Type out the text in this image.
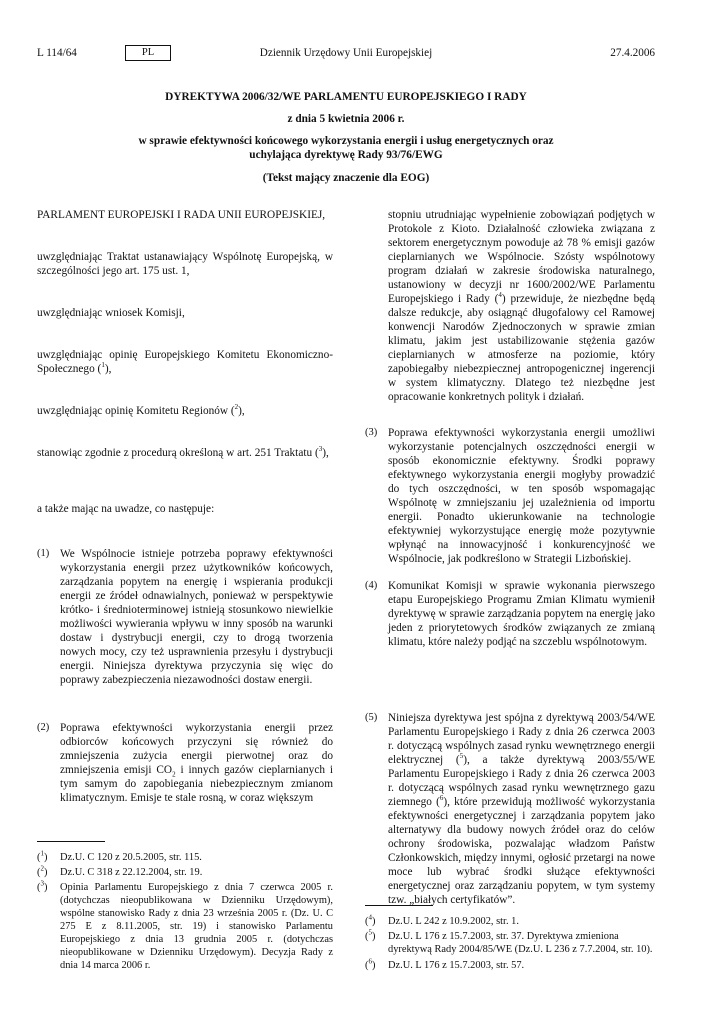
L 114/64	PL	Dziennik Urzędowy Unii Europejskiej	27.4.2006
DYREKTYWA 2006/32/WE PARLAMENTU EUROPEJSKIEGO I RADY
z dnia 5 kwietnia 2006 r.
w sprawie efektywności końcowego wykorzystania energii i usług energetycznych oraz
uchylająca dyrektywę Rady 93/76/EWG
(Tekst mający znaczenie dla EOG)
PARLAMENT EUROPEJSKI I RADA UNII EUROPEJSKIEJ,
uwzględniając Traktat ustanawiający Wspólnotę Europejską, w szczególności jego art. 175 ust. 1,
uwzględniając wniosek Komisji,
uwzględniając opinię Europejskiego Komitetu Ekonomiczno-Społecznego ($^1$),
uwzględniając opinię Komitetu Regionów ($^2$),
stanowiąc zgodnie z procedurą określoną w art. 251 Traktatu ($^3$),
a także mając na uwadze, co następuje:
(1) We Wspólnocie istnieje potrzeba poprawy efektywności wykorzystania energii przez użytkowników końcowych, zarządzania popytem na energię i wspierania produkcji energii ze źródeł odnawialnych, ponieważ w perspektywie krótko- i średnioterminowej istnieją stosunkowo niewielkie możliwości wywierania wpływu w inny sposób na warunki dostaw i dystrybucji energii, czy to drogą tworzenia nowych mocy, czy też usprawnienia przesyłu i dystrybucji energii. Niniejsza dyrektywa przyczynia się więc do poprawy zabezpieczenia niezawodności dostaw energii.
(2) Poprawa efektywności wykorzystania energii przez odbiorców końcowych przyczyni się również do zmniejszenia zużycia energii pierwotnej oraz do zmniejszenia emisji $CO_2$ i innych gazów cieplarnianych i tym samym do zapobiegania niebezpiecznym zmianom klimatycznym. Emisje te stale rosną, w coraz większym
($^1$) Dz.U. C 120 z 20.5.2005, str. 115.
($^2$) Dz.U. C 318 z 22.12.2004, str. 19.
($^3$) Opinia Parlamentu Europejskiego z dnia 7 czerwca 2005 r. (dotychczas nieopublikowana w Dzienniku Urzędowym), wspólne stanowisko Rady z dnia 23 września 2005 r. (Dz. U. C 275 E z 8.11.2005, str. 19) i stanowisko Parlamentu Europejskiego z dnia 13 grudnia 2005 r. (dotychczas nieopublikowane w Dzienniku Urzędowym). Decyzja Rady z dnia 14 marca 2006 r.
stopniu utrudniając wypełnienie zobowiązań podjętych w Protokole z Kioto. Działalność człowieka związana z sektorem energetycznym powoduje aż 78 % emisji gazów cieplarnianych we Wspólnocie. Szósty wspólnotowy program działań w zakresie środowiska naturalnego, ustanowiony w decyzji nr 1600/2002/WE Parlamentu Europejskiego i Rady ($^4$) przewiduje, że niezbędne będą dalsze redukcje, aby osiągnąć długofalowy cel Ramowej konwencji Narodów Zjednoczonych w sprawie zmian klimatu, jakim jest ustabilizowanie stężenia gazów cieplarnianych w atmosferze na poziomie, który zapobiegałby niebezpiecznej antropogenicznej ingerencji w system klimatyczny. Dlatego też niezbędne jest opracowanie konkretnych polityk i działań.
(3) Poprawa efektywności wykorzystania energii umożliwi wykorzystanie potencjalnych oszczędności energii w sposób ekonomicznie efektywny. Środki poprawy efektywnego wykorzystania energii mogłyby prowadzić do tych oszczędności, w ten sposób wspomagając Wspólnotę w zmniejszaniu jej uzależnienia od importu energii. Ponadto ukierunkowanie na technologie efektywniej wykorzystujące energię może pozytywnie wpłynąć na innowacyjność i konkurencyjność we Wspólnocie, jak podkreślono w Strategii Lizbońskiej.
(4) Komunikat Komisji w sprawie wykonania pierwszego etapu Europejskiego Programu Zmian Klimatu wymienił dyrektywę w sprawie zarządzania popytem na energię jako jeden z priorytetowych środków związanych ze zmianą klimatu, które należy podjąć na szczeblu wspólnotowym.
(5) Niniejsza dyrektywa jest spójna z dyrektywą 2003/54/WE Parlamentu Europejskiego i Rady z dnia 26 czerwca 2003 r. dotyczącą wspólnych zasad rynku wewnętrznego energii elektrycznej ($^5$), a także dyrektywą 2003/55/WE Parlamentu Europejskiego i Rady z dnia 26 czerwca 2003 r. dotyczącą wspólnych zasad rynku wewnętrznego gazu ziemnego ($^6$), które przewidują możliwość wykorzystania efektywności energetycznej i zarządzania popytem jako alternatywy dla budowy nowych źródeł oraz do celów ochrony środowiska, pozwalając władzom Państw Członkowskich, między innymi, ogłosić przetargi na nowe moce lub wybrać środki służące efektywności energetycznej oraz zarządzaniu popytem, w tym systemy tzw. „białych certyfikatów”.
($^4$) Dz.U. L 242 z 10.9.2002, str. 1.
($^5$) Dz.U. L 176 z 15.7.2003, str. 37. Dyrektywa zmieniona dyrektywą Rady 2004/85/WE (Dz.U. L 236 z 7.7.2004, str. 10).
($^6$) Dz.U. L 176 z 15.7.2003, str. 57.
